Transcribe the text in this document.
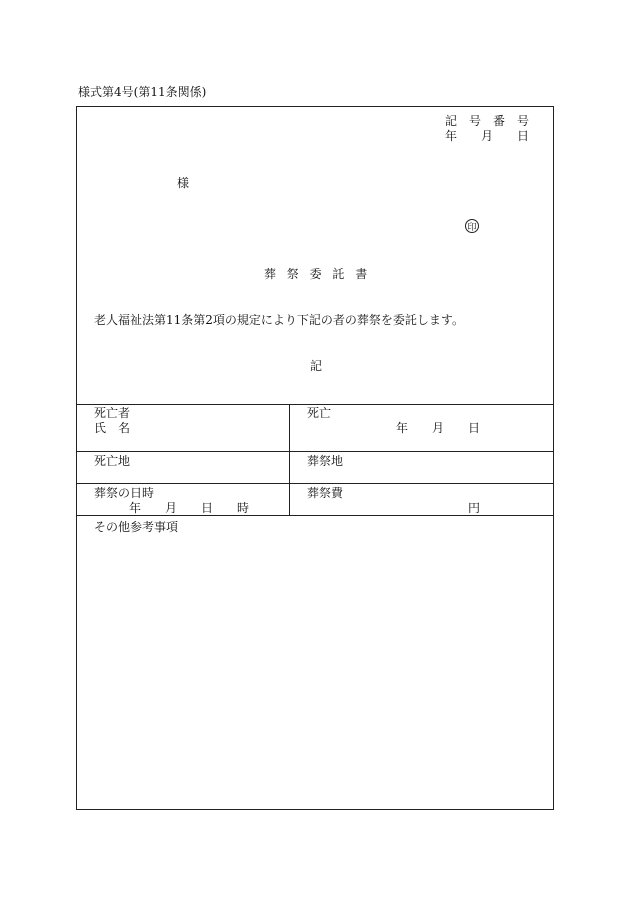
様式第4号(第11条関係)
記　号　番　号
年　　月　　日
様
印
葬祭委託書
老人福祉法第11条第2項の規定により下記の者の葬祭を委託します。
記
死亡者
氏　名
死亡
年　　月　　日
死亡地	葬祭地
葬祭の日時
年　　月　　日　　時
葬祭費
円
その他参考事項
